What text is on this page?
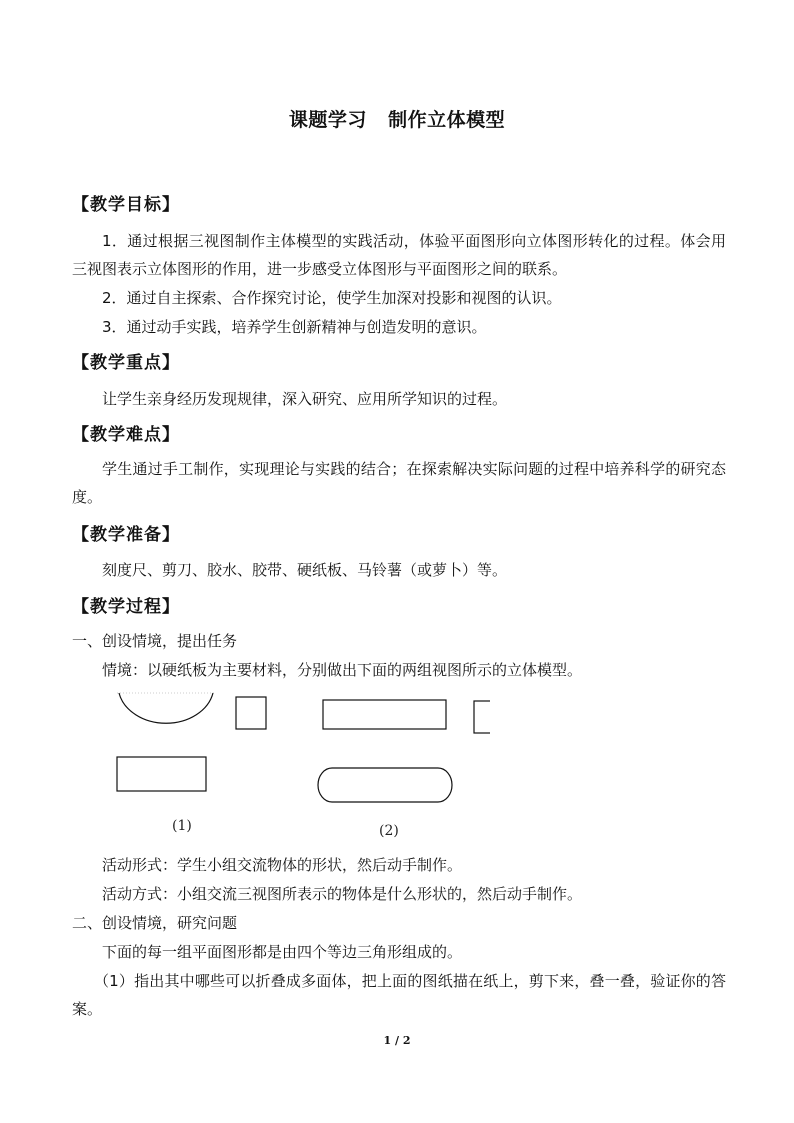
课题学习   制作立体模型
【教学目标】
1．通过根据三视图制作主体模型的实践活动，体验平面图形向立体图形转化的过程。体会用三视图表示立体图形的作用，进一步感受立体图形与平面图形之间的联系。
2．通过自主探索、合作探究讨论，使学生加深对投影和视图的认识。
3．通过动手实践，培养学生创新精神与创造发明的意识。
【教学重点】
让学生亲身经历发现规律，深入研究、应用所学知识的过程。
【教学难点】
学生通过手工制作，实现理论与实践的结合；在探索解决实际问题的过程中培养科学的研究态度。
【教学准备】
刻度尺、剪刀、胶水、胶带、硬纸板、马铃薯（或萝卜）等。
【教学过程】
一、创设情境，提出任务
情境：以硬纸板为主要材料，分别做出下面的两组视图所示的立体模型。
(1)	(2)
活动形式：学生小组交流物体的形状，然后动手制作。
活动方式：小组交流三视图所表示的物体是什么形状的，然后动手制作。
二、创设情境，研究问题
下面的每一组平面图形都是由四个等边三角形组成的。
（1）指出其中哪些可以折叠成多面体，把上面的图纸描在纸上，剪下来，叠一叠，验证你的答案。
1 / 2
